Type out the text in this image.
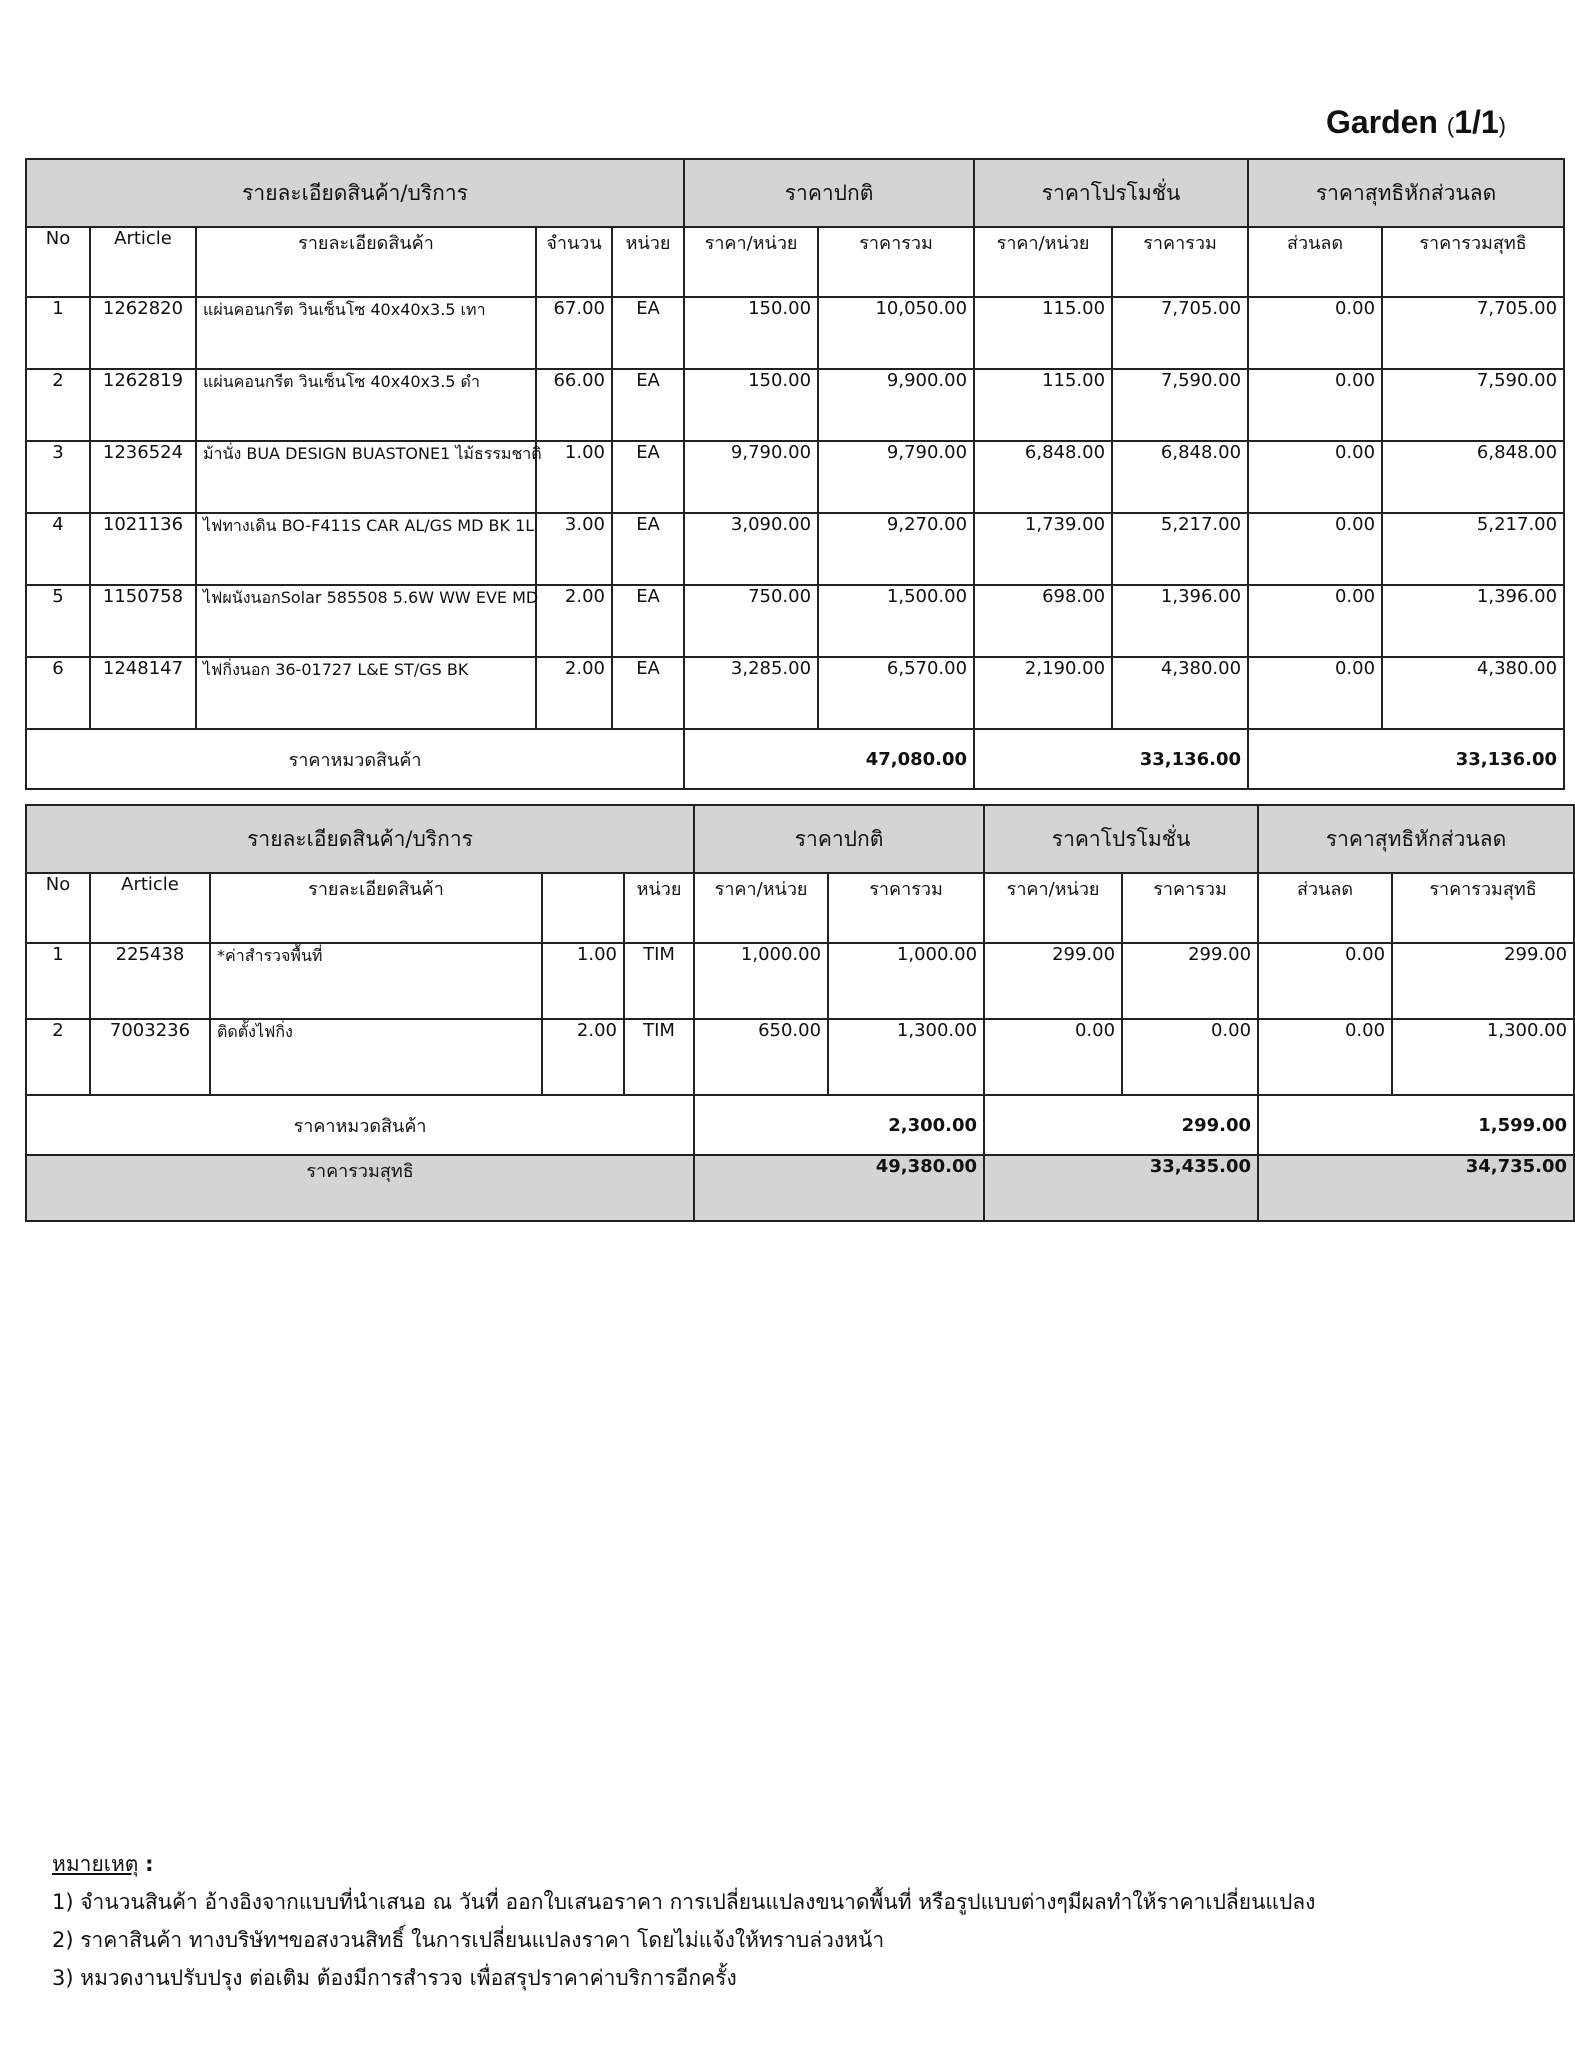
Garden (1/1)
รายละเอียดสินค้า/บริการ					ราคาปกติ		ราคาโปรโมชั่น		ราคาสุทธิหักส่วนลด	
No	Article	รายละเอียดสินค้า	จำนวน	หน่วย	ราคา/หน่วย	ราคารวม	ราคา/หน่วย	ราคารวม	ส่วนลด	ราคารวมสุทธิ
1	1262820	แผ่นคอนกรีต วินเซ็นโซ 40x40x3.5 เทา	67.00	EA	150.00	10,050.00	115.00	7,705.00	0.00	7,705.00
2	1262819	แผ่นคอนกรีต วินเซ็นโซ 40x40x3.5 ดำ	66.00	EA	150.00	9,900.00	115.00	7,590.00	0.00	7,590.00
3	1236524	ม้านั่ง BUA DESIGN BUASTONE1 ไม้ธรรมชาติ	1.00	EA	9,790.00	9,790.00	6,848.00	6,848.00	0.00	6,848.00
4	1021136	ไฟทางเดิน BO-F411S CAR AL/GS MD BK 1L	3.00	EA	3,090.00	9,270.00	1,739.00	5,217.00	0.00	5,217.00
5	1150758	ไฟผนังนอกSolar 585508 5.6W WW EVE MD	2.00	EA	750.00	1,500.00	698.00	1,396.00	0.00	1,396.00
6	1248147	ไฟกิ่งนอก 36-01727 L&E ST/GS BK	2.00	EA	3,285.00	6,570.00	2,190.00	4,380.00	0.00	4,380.00
ราคาหมวดสินค้า					47,080.00		33,136.00		33,136.00	
รายละเอียดสินค้า/บริการ					ราคาปกติ		ราคาโปรโมชั่น		ราคาสุทธิหักส่วนลด	
No	Article	รายละเอียดสินค้า		หน่วย	ราคา/หน่วย	ราคารวม	ราคา/หน่วย	ราคารวม	ส่วนลด	ราคารวมสุทธิ
1	225438	*ค่าสำรวจพื้นที่	1.00	TIM	1,000.00	1,000.00	299.00	299.00	0.00	299.00
2	7003236	ติดตั้งไฟกิ่ง	2.00	TIM	650.00	1,300.00	0.00	0.00	0.00	1,300.00
ราคาหมวดสินค้า					2,300.00		299.00		1,599.00	
ราคารวมสุทธิ					49,380.00		33,435.00		34,735.00	
หมายเหตุ :
1) จำนวนสินค้า อ้างอิงจากแบบที่นำเสนอ ณ วันที่ ออกใบเสนอราคา การเปลี่ยนแปลงขนาดพื้นที่ หรือรูปแบบต่างๆมีผลทำให้ราคาเปลี่ยนแปลง
2) ราคาสินค้า ทางบริษัทฯขอสงวนสิทธิ์ ในการเปลี่ยนแปลงราคา โดยไม่แจ้งให้ทราบล่วงหน้า
3) หมวดงานปรับปรุง ต่อเติม ต้องมีการสำรวจ เพื่อสรุปราคาค่าบริการอีกครั้ง
